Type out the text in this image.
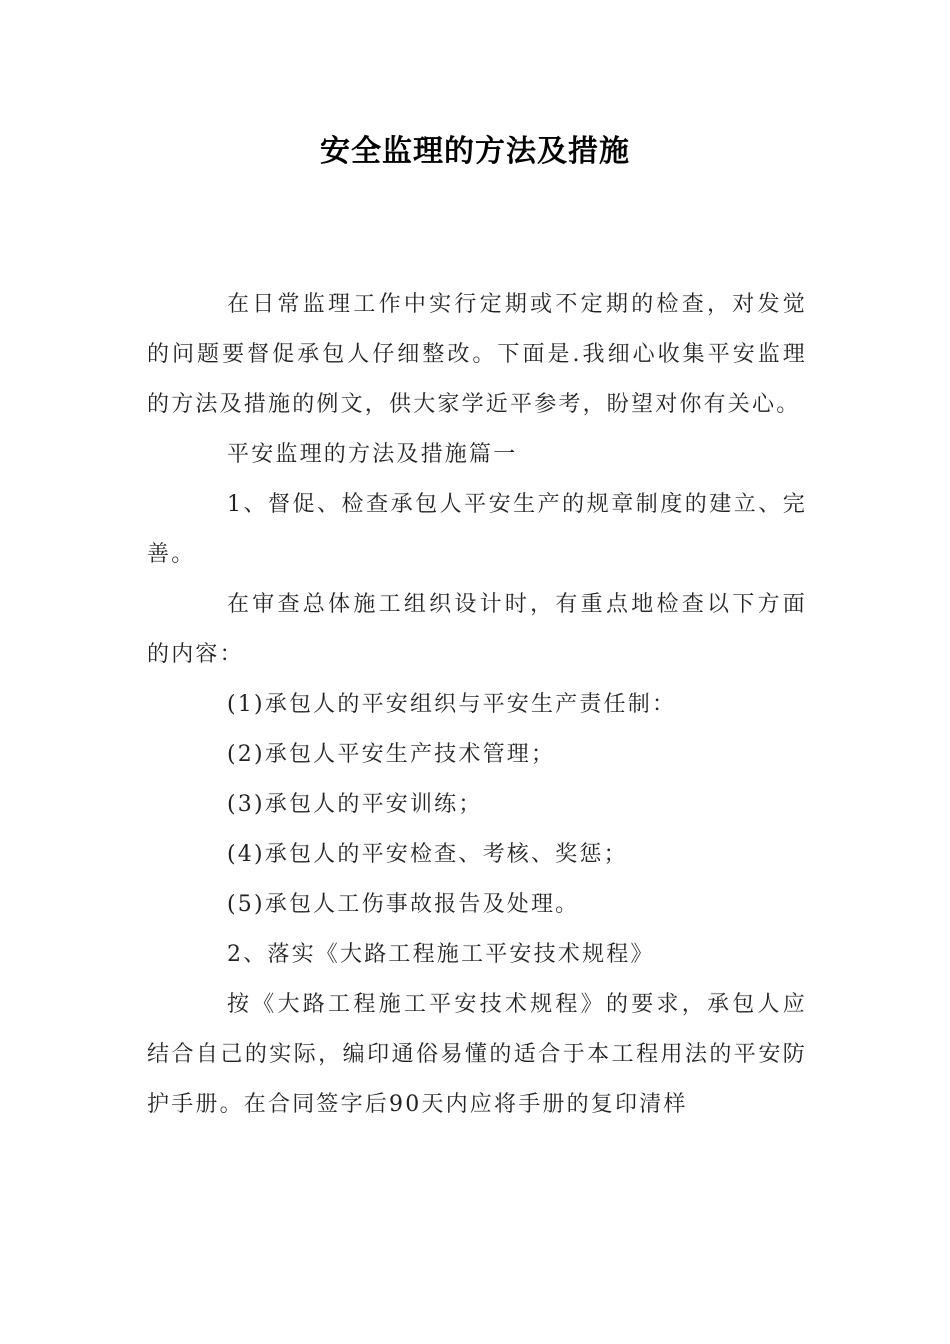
安全监理的方法及措施

在日常监理工作中实行定期或不定期的检查，对发觉的问题要督促承包人仔细整改。下面是.我细心收集平安监理的方法及措施的例文，供大家学近平参考，盼望对你有关心。

平安监理的方法及措施篇一

1、督促、检查承包人平安生产的规章制度的建立、完善。

在审查总体施工组织设计时，有重点地检查以下方面的内容：

(1)承包人的平安组织与平安生产责任制：

(2)承包人平安生产技术管理；

(3)承包人的平安训练；

(4)承包人的平安检查、考核、奖惩；

(5)承包人工伤事故报告及处理。

2、落实《大路工程施工平安技术规程》

按《大路工程施工平安技术规程》的要求，承包人应结合自己的实际，编印通俗易懂的适合于本工程用法的平安防护手册。在合同签字后90天内应将手册的复印清样
